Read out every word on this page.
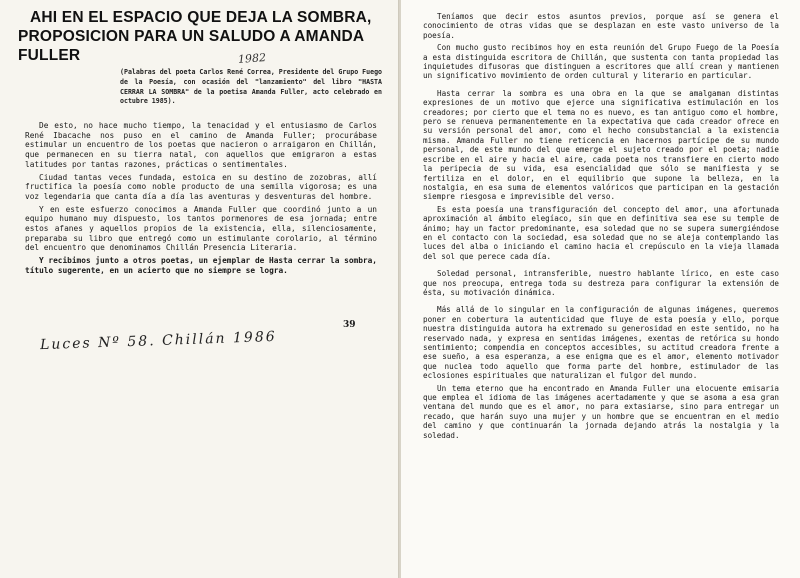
AHI EN EL ESPACIO QUE DEJA LA SOMBRA,
PROPOSICION PARA UN SALUDO A AMANDA FULLER	1982
(Palabras del poeta Carlos René Correa, Presidente del Grupo Fuego de la Poesía, con ocasión del "lanzamiento" del libro "HASTA CERRAR LA SOMBRA" de la poetisa Amanda Fuller, acto celebrado en octubre 1985).

De esto, no hace mucho tiempo, la tenacidad y el entusiasmo de Carlos René Ibacache nos puso en el camino de Amanda Fuller; procurábase estimular un encuentro de los poetas que nacieron o arraigaron en Chillán, que permanecen en su tierra natal, con aquellos que emigraron a estas latitudes por tantas razones, prácticas o sentimentales.

Ciudad tantas veces fundada, estoica en su destino de zozobras, allí fructifica la poesía como noble producto de una semilla vigorosa; es una voz legendaria que canta día a día las aventuras y desventuras del hombre.

Y en este esfuerzo conocimos a Amanda Fuller que coordinó junto a un equipo humano muy dispuesto, los tantos pormenores de esa jornada; entre estos afanes y aquellos propios de la existencia, ella, silenciosamente, preparaba su libro que entregó como un estimulante corolario, al término del encuentro que denominamos Chillán Presencia Literaria.

Y recibimos junto a otros poetas, un ejemplar de Hasta cerrar la sombra, título sugerente, en un acierto que no siempre se logra.

39
Luces Nº 58. Chillán 1986

Teníamos que decir estos asuntos previos, porque así se genera el conocimiento de otras vidas que se desplazan en este vasto universo de la poesía.

Con mucho gusto recibimos hoy en esta reunión del Grupo Fuego de la Poesía a esta distinguida escritora de Chillán, que sustenta con tanta propiedad las inquietudes difusoras que distinguen a escritores que allí crean y mantienen un significativo movimiento de orden cultural y literario en particular.

Hasta cerrar la sombra es una obra en la que se amalgaman distintas expresiones de un motivo que ejerce una significativa estimulación en los creadores; por cierto que el tema no es nuevo, es tan antiguo como el hombre, pero se renueva permanentemente en la expectativa que cada creador ofrece en su versión personal del amor, como el hecho consubstancial a la existencia misma. Amanda Fuller no tiene reticencia en hacernos partícipe de su mundo personal, de este mundo del que emerge el sujeto creado por el poeta; nadie escribe en el aire y hacia el aire, cada poeta nos transfiere en cierto modo la peripecia de su vida, esa esencialidad que sólo se manifiesta y se fertiliza en el dolor, en el equilibrio que supone la belleza, en la nostalgia, en esa suma de elementos valóricos que participan en la gestación siempre riesgosa e imprevisible del verso.

Es esta poesía una transfiguración del concepto del amor, una afortunada aproximación al ámbito elegíaco, sin que en definitiva sea ese su temple de ánimo; hay un factor predominante, esa soledad que no se supera sumergiéndose en el contacto con la sociedad, esa soledad que no se aleja contemplando las luces del alba o iniciando el camino hacia el crepúsculo en la vieja llamada del sol que perece cada día.

Soledad personal, intransferible, nuestro hablante lírico, en este caso que nos preocupa, entrega toda su destreza para configurar la extensión de ésta, su motivación dinámica.

Más allá de lo singular en la configuración de algunas imágenes, queremos poner en cobertura la autenticidad que fluye de esta poesía y ello, porque nuestra distinguida autora ha extremado su generosidad en este sentido, no ha reservado nada, y expresa en sentidas imágenes, exentas de retórica su hondo sentimiento; compendia en conceptos accesibles, su actitud creadora frente a ese sueño, a esa esperanza, a ese enigma que es el amor, elemento motivador que nuclea todo aquello que forma parte del hombre, estimulador de las eclosiones espirituales que naturalizan el fulgor del mundo.

Un tema eterno que ha encontrado en Amanda Fuller una elocuente emisaria que emplea el idioma de las imágenes acertadamente y que se asoma a esa gran ventana del mundo que es el amor, no para extasiarse, sino para entregar un recado, que harán suyo una mujer y un hombre que se encuentran en el medio del camino y que continuarán la jornada dejando atrás la nostalgia y la soledad.
